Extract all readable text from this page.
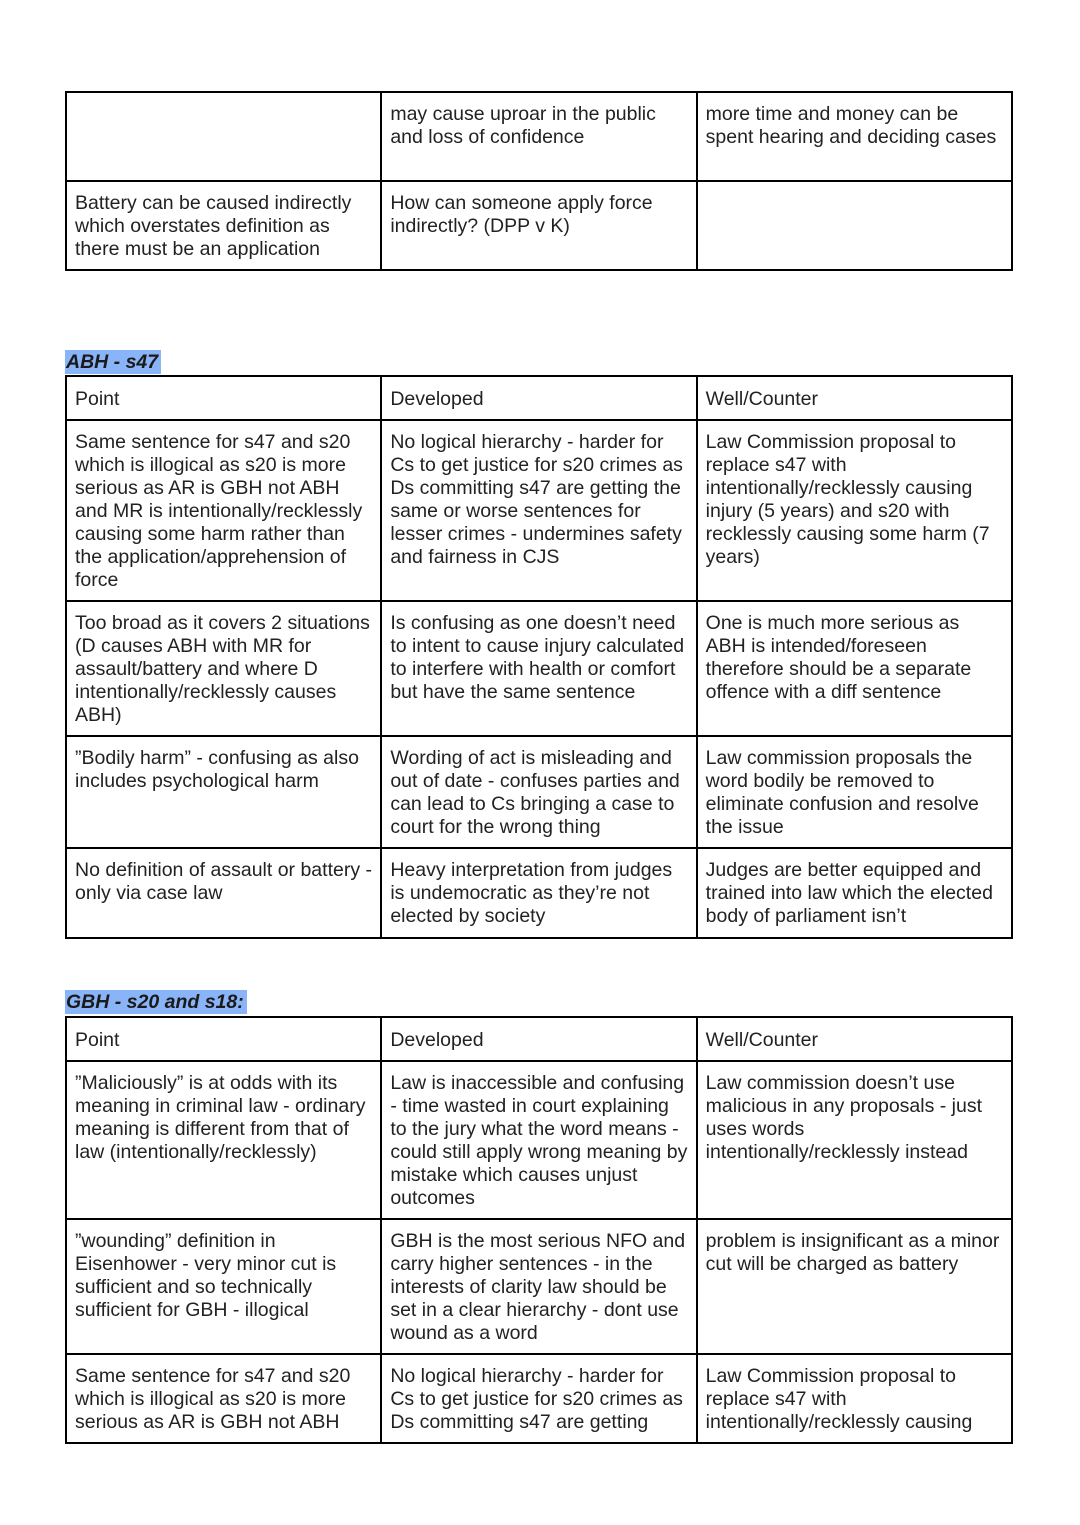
	may cause uproar in the public and loss of confidence	more time and money can be spent hearing and deciding cases
Battery can be caused indirectly which overstates definition as there must be an application	How can someone apply force indirectly? (DPP v K)	
ABH - s47
Point	Developed	Well/Counter
Same sentence for s47 and s20 which is illogical as s20 is more serious as AR is GBH not ABH and MR is intentionally/recklessly causing some harm rather than the application/apprehension of force	No logical hierarchy - harder for Cs to get justice for s20 crimes as Ds committing s47 are getting the same or worse sentences for lesser crimes - undermines safety and fairness in CJS	Law Commission proposal to replace s47 with intentionally/recklessly causing injury (5 years) and s20 with recklessly causing some harm (7 years)
Too broad as it covers 2 situations (D causes ABH with MR for assault/battery and where D intentionally/recklessly causes ABH)	Is confusing as one doesn’t need to intent to cause injury calculated to interfere with health or comfort but have the same sentence	One is much more serious as ABH is intended/foreseen therefore should be a separate offence with a diff sentence
”Bodily harm” - confusing as also includes psychological harm	Wording of act is misleading and out of date - confuses parties and can lead to Cs bringing a case to court for the wrong thing	Law commission proposals the word bodily be removed to eliminate confusion and resolve the issue
No definition of assault or battery - only via case law	Heavy interpretation from judges is undemocratic as they’re not elected by society	Judges are better equipped and trained into law which the elected body of parliament isn’t
GBH - s20 and s18:
Point	Developed	Well/Counter
”Maliciously” is at odds with its meaning in criminal law - ordinary meaning is different from that of law (intentionally/recklessly)	Law is inaccessible and confusing - time wasted in court explaining to the jury what the word means - could still apply wrong meaning by mistake which causes unjust outcomes	Law commission doesn’t use malicious in any proposals - just uses words intentionally/recklessly instead
”wounding” definition in Eisenhower - very minor cut is sufficient and so technically sufficient for GBH - illogical	GBH is the most serious NFO and carry higher sentences - in the interests of clarity law should be set in a clear hierarchy - dont use wound as a word	problem is insignificant as a minor cut will be charged as battery
Same sentence for s47 and s20 which is illogical as s20 is more serious as AR is GBH not ABH	No logical hierarchy - harder for Cs to get justice for s20 crimes as Ds committing s47 are getting	Law Commission proposal to replace s47 with intentionally/recklessly causing
